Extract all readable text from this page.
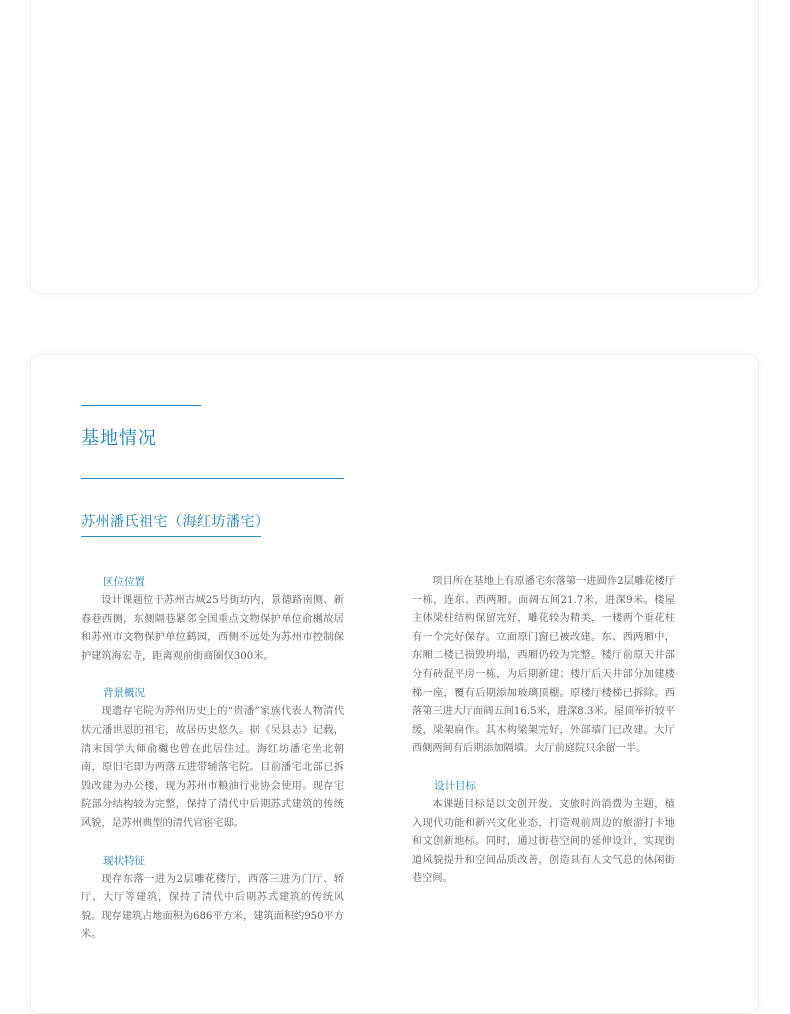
基地情况
苏州潘氏祖宅（海红坊潘宅）

区位位置

设计课题位于苏州古城25号街坊内，景德路南侧、新春巷西侧，东侧隔巷紧邻全国重点文物保护单位俞樾故居和苏州市文物保护单位鹤园，西侧不远处为苏州市控制保护建筑海宏寺，距离观前街商圈仅300米。

背景概况

现遗存宅院为苏州历史上的“贵潘”家族代表人物清代状元潘世恩的祖宅，故居历史悠久。据《吴县志》记载，清末国学大师俞樾也曾在此居住过。海红坊潘宅坐北朝南，原旧宅即为两落五进带辅落宅院。目前潘宅北部已拆毁改建为办公楼，现为苏州市粮油行业协会使用。现存宅院部分结构较为完整，保持了清代中后期苏式建筑的传统风貌，是苏州典型的清代官宦宅邸。

现状特征

现存东落一进为2层雕花楼厅，西落三进为门厅、轿厅、大厅等建筑，保持了清代中后期苏式建筑的传统风貌。现存建筑占地面积为686平方米，建筑面积约950平方米。

项目所在基地上有原潘宅东落第一进圆作2层雕花楼厅一栋，连东、西两厢。面阔五间21.7米，进深9米。楼屋主体梁柱结构保留完好，雕花较为精美，一楼两个垂花柱有一个完好保存。立面原门窗已被改建。东、西两厢中，东厢二楼已损毁坍塌，西厢仍较为完整。楼厅前原天井部分有砖混平房一栋，为后期新建；楼厅后天井部分加建楼梯一座，覆有后期添加玻璃顶棚。原楼厅楼梯已拆除。西落第三进大厅面阔五间16.5米，进深8.3米。屋顶举折较平缓，梁架扁作。其木构梁架完好，外部墙门已改建。大厅西侧两间有后期添加隔墙。大厅前庭院只余留一半。

设计目标

本课题目标是以文创开发、文旅时尚消费为主题，植入现代功能和新兴文化业态，打造观前周边的旅游打卡地和文创新地标。同时，通过街巷空间的延伸设计，实现街道风貌提升和空间品质改善，创造具有人文气息的休闲街巷空间。
